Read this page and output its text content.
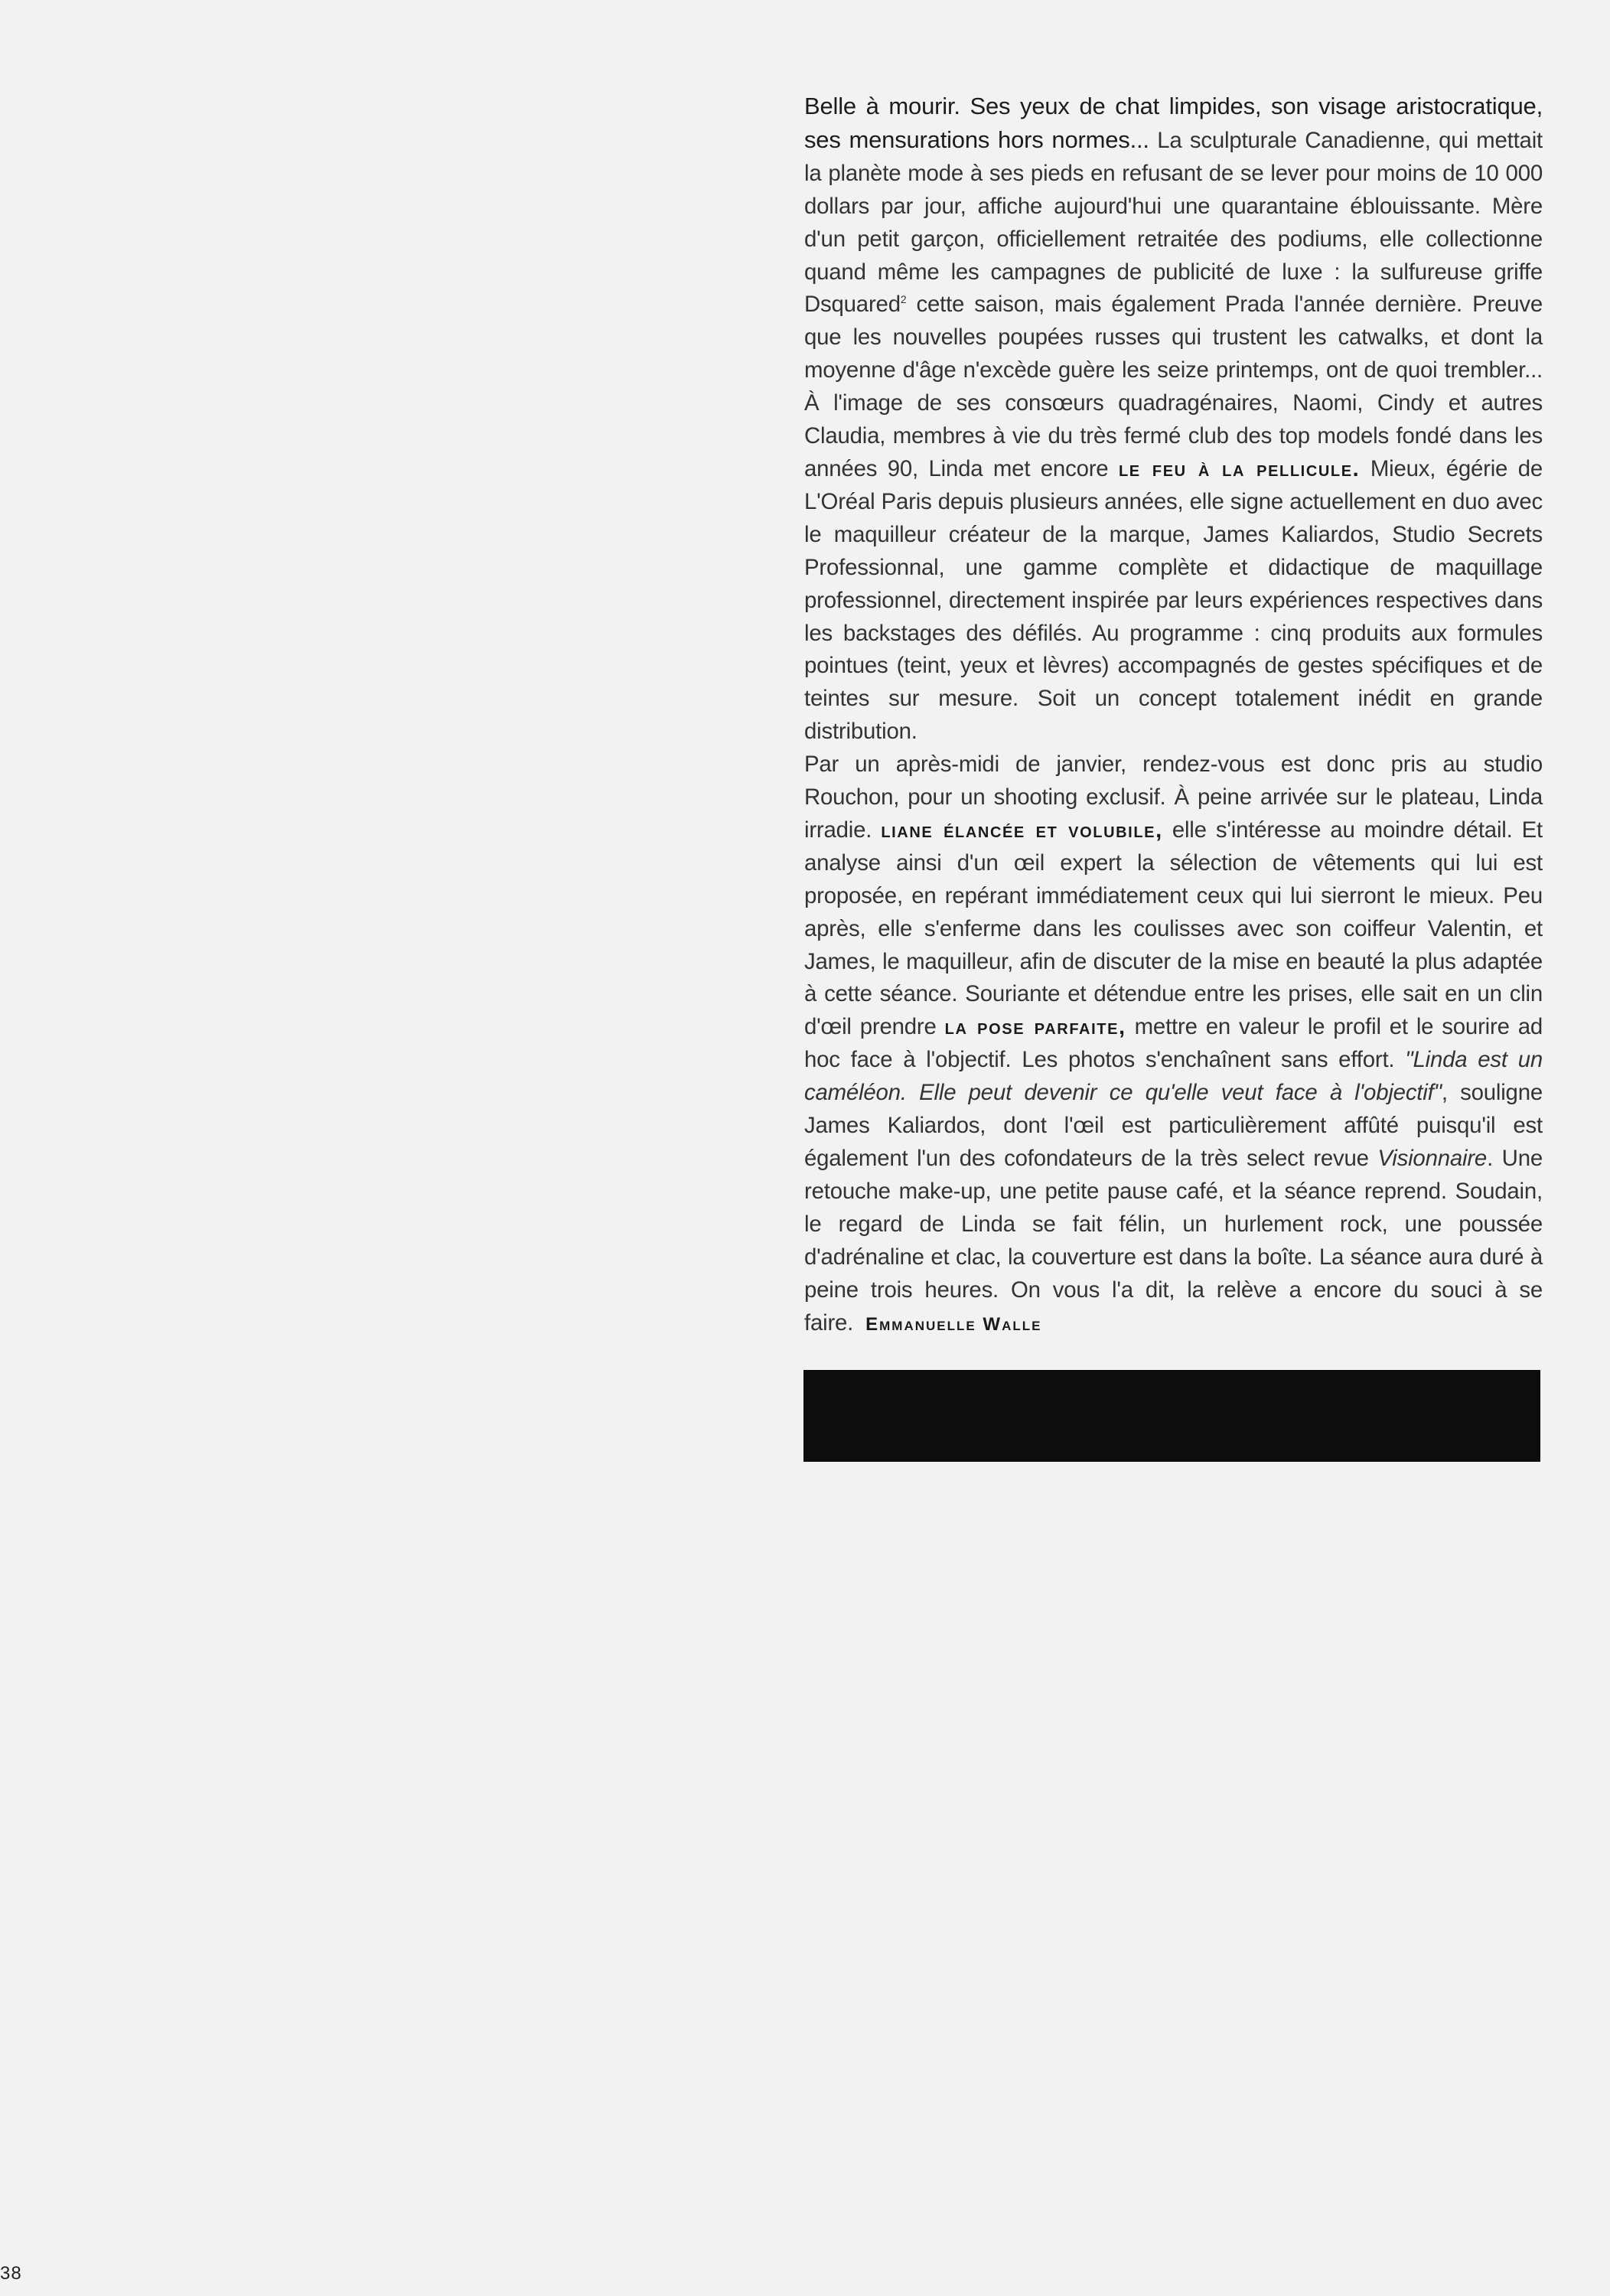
Belle à mourir. Ses yeux de chat limpides, son visage aristocratique, ses mensurations hors normes... La sculpturale Canadienne, qui mettait la planète mode à ses pieds en refusant de se lever pour moins de 10 000 dollars par jour, affiche aujourd'hui une quarantaine éblouissante. Mère d'un petit garçon, officiellement retraitée des podiums, elle collectionne quand même les campagnes de publicité de luxe : la sulfureuse griffe Dsquared$^2$ cette saison, mais également Prada l'année dernière. Preuve que les nouvelles poupées russes qui trustent les catwalks, et dont la moyenne d'âge n'excède guère les seize printemps, ont de quoi trembler... À l'image de ses consœurs quadragénaires, Naomi, Cindy et autres Claudia, membres à vie du très fermé club des top models fondé dans les années 90, Linda met encore le feu à la pellicule. Mieux, égérie de L'Oréal Paris depuis plusieurs années, elle signe actuellement en duo avec le maquilleur créateur de la marque, James Kaliardos, Studio Secrets Professionnal, une gamme complète et didactique de maquillage professionnel, directement inspirée par leurs expériences respectives dans les backstages des défilés. Au programme : cinq produits aux formules pointues (teint, yeux et lèvres) accompagnés de gestes spécifiques et de teintes sur mesure. Soit un concept totalement inédit en grande distribution.

Par un après-midi de janvier, rendez-vous est donc pris au studio Rouchon, pour un shooting exclusif. À peine arrivée sur le plateau, Linda irradie. liane élancée et volubile, elle s'intéresse au moindre détail. Et analyse ainsi d'un œil expert la sélection de vêtements qui lui est proposée, en repérant immédiatement ceux qui lui sierront le mieux. Peu après, elle s'enferme dans les coulisses avec son coiffeur Valentin, et James, le maquilleur, afin de discuter de la mise en beauté la plus adaptée à cette séance. Souriante et détendue entre les prises, elle sait en un clin d'œil prendre la pose parfaite, mettre en valeur le profil et le sourire ad hoc face à l'objectif. Les photos s'enchaînent sans effort. "Linda est un caméléon. Elle peut devenir ce qu'elle veut face à l'objectif", souligne James Kaliardos, dont l'œil est particulièrement affûté puisqu'il est également l'un des cofondateurs de la très select revue Visionnaire. Une retouche make-up, une petite pause café, et la séance reprend. Soudain, le regard de Linda se fait félin, un hurlement rock, une poussée d'adrénaline et clac, la couverture est dans la boîte. La séance aura duré à peine trois heures. On vous l'a dit, la relève a encore du souci à se faire. Emmanuelle Walle

38
